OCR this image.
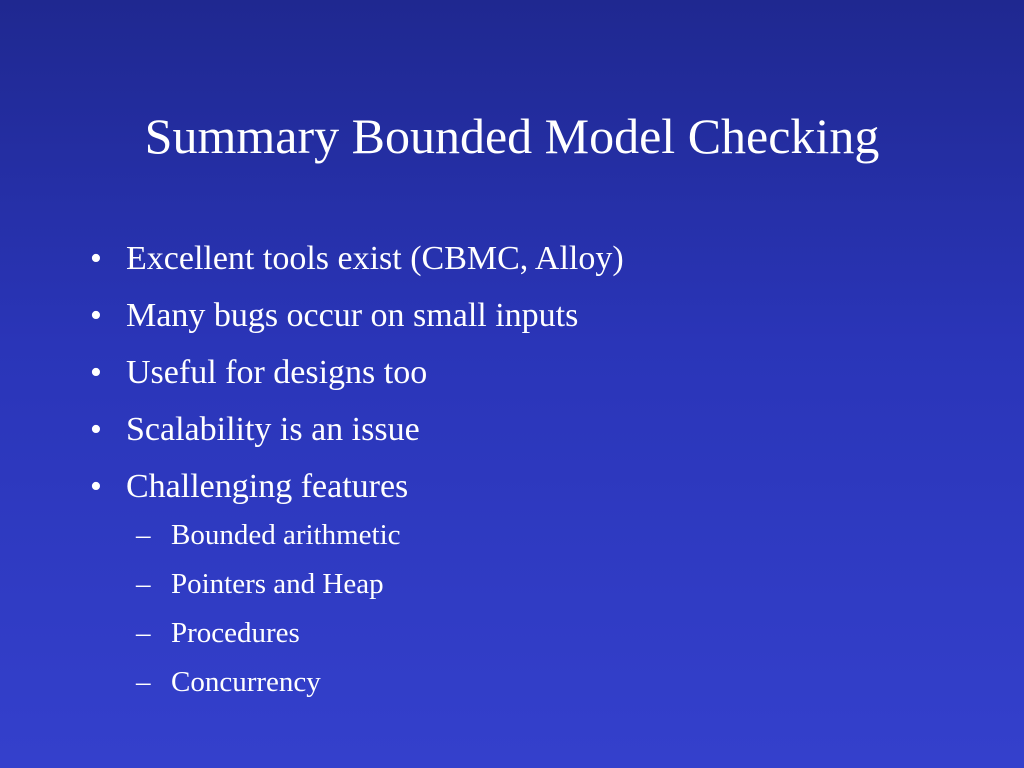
Summary Bounded Model Checking
• Excellent tools exist (CBMC, Alloy)
• Many bugs occur on small inputs
• Useful for designs too
• Scalability is an issue
• Challenging features
– Bounded arithmetic
– Pointers and Heap
– Procedures
– Concurrency
